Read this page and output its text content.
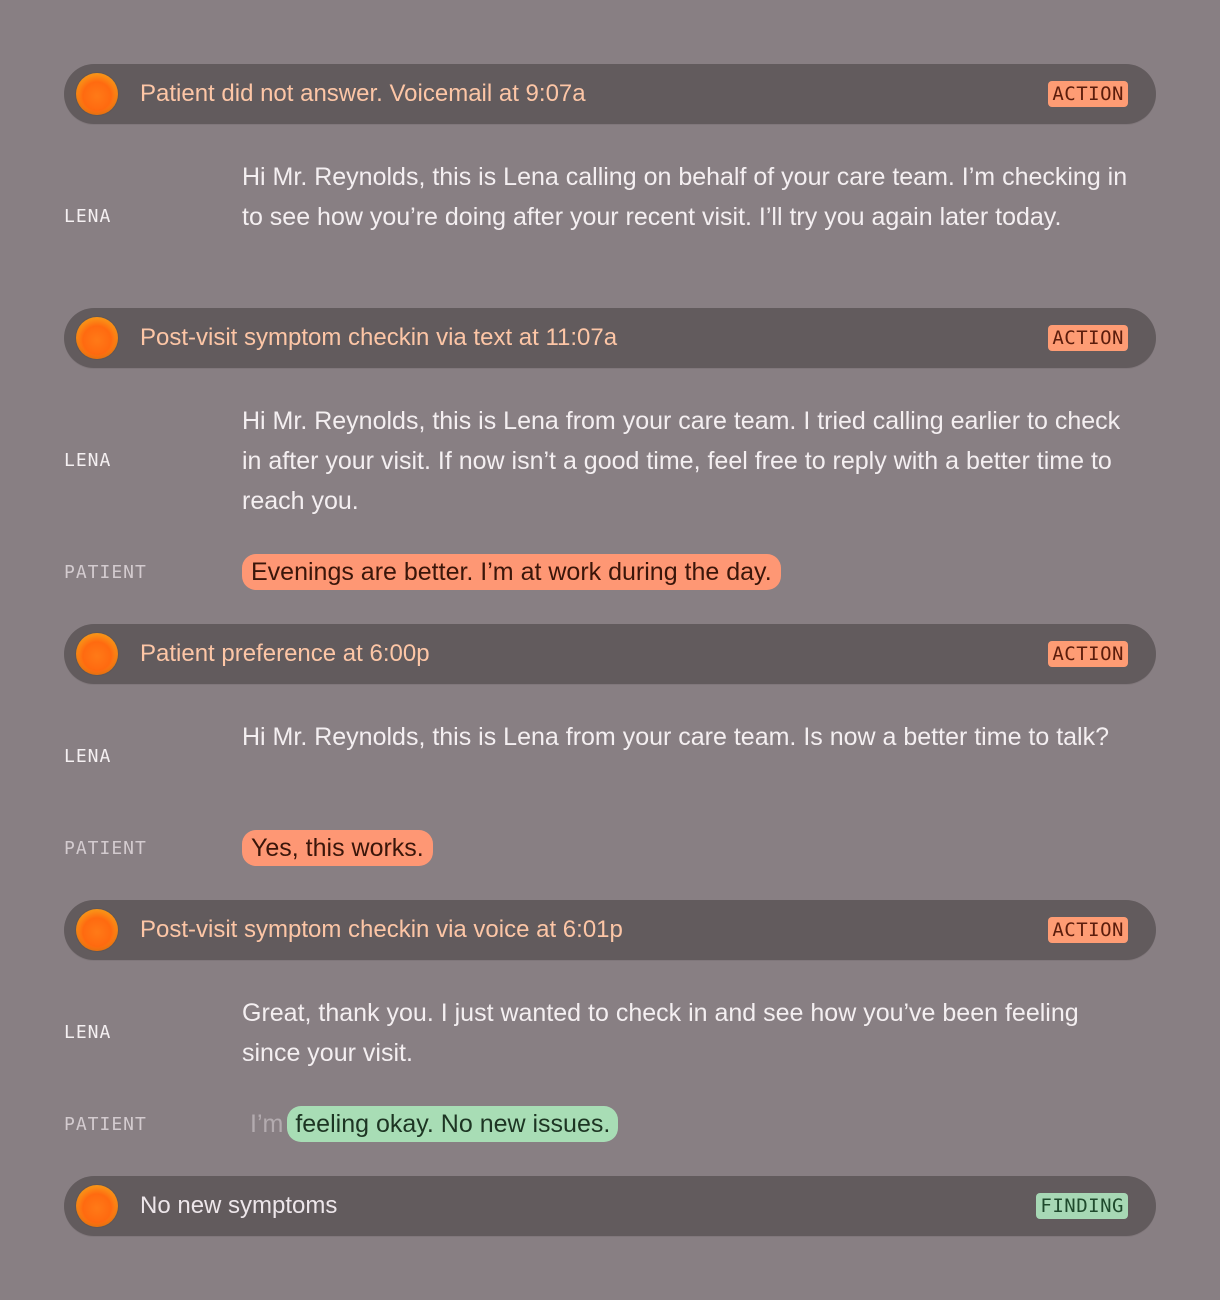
Patient did not answer. Voicemail at 9:07a	ACTION
LENA
Hi Mr. Reynolds, this is Lena calling on behalf of your care team. I’m checking in to see how you’re doing after your recent visit. I’ll try you again later today.
Post-visit symptom checkin via text at 11:07a	ACTION
LENA
Hi Mr. Reynolds, this is Lena from your care team. I tried calling earlier to check in after your visit. If now isn’t a good time, feel free to reply with a better time to reach you.
PATIENT	Evenings are better. I’m at work during the day.
Patient preference at 6:00p	ACTION
LENA
Hi Mr. Reynolds, this is Lena from your care team. Is now a better time to talk?
PATIENT	Yes, this works.
Post-visit symptom checkin via voice at 6:01p	ACTION
LENA
Great, thank you. I just wanted to check in and see how you’ve been feeling since your visit.
PATIENT	I’m feeling okay. No new issues.
No new symptoms	FINDING
